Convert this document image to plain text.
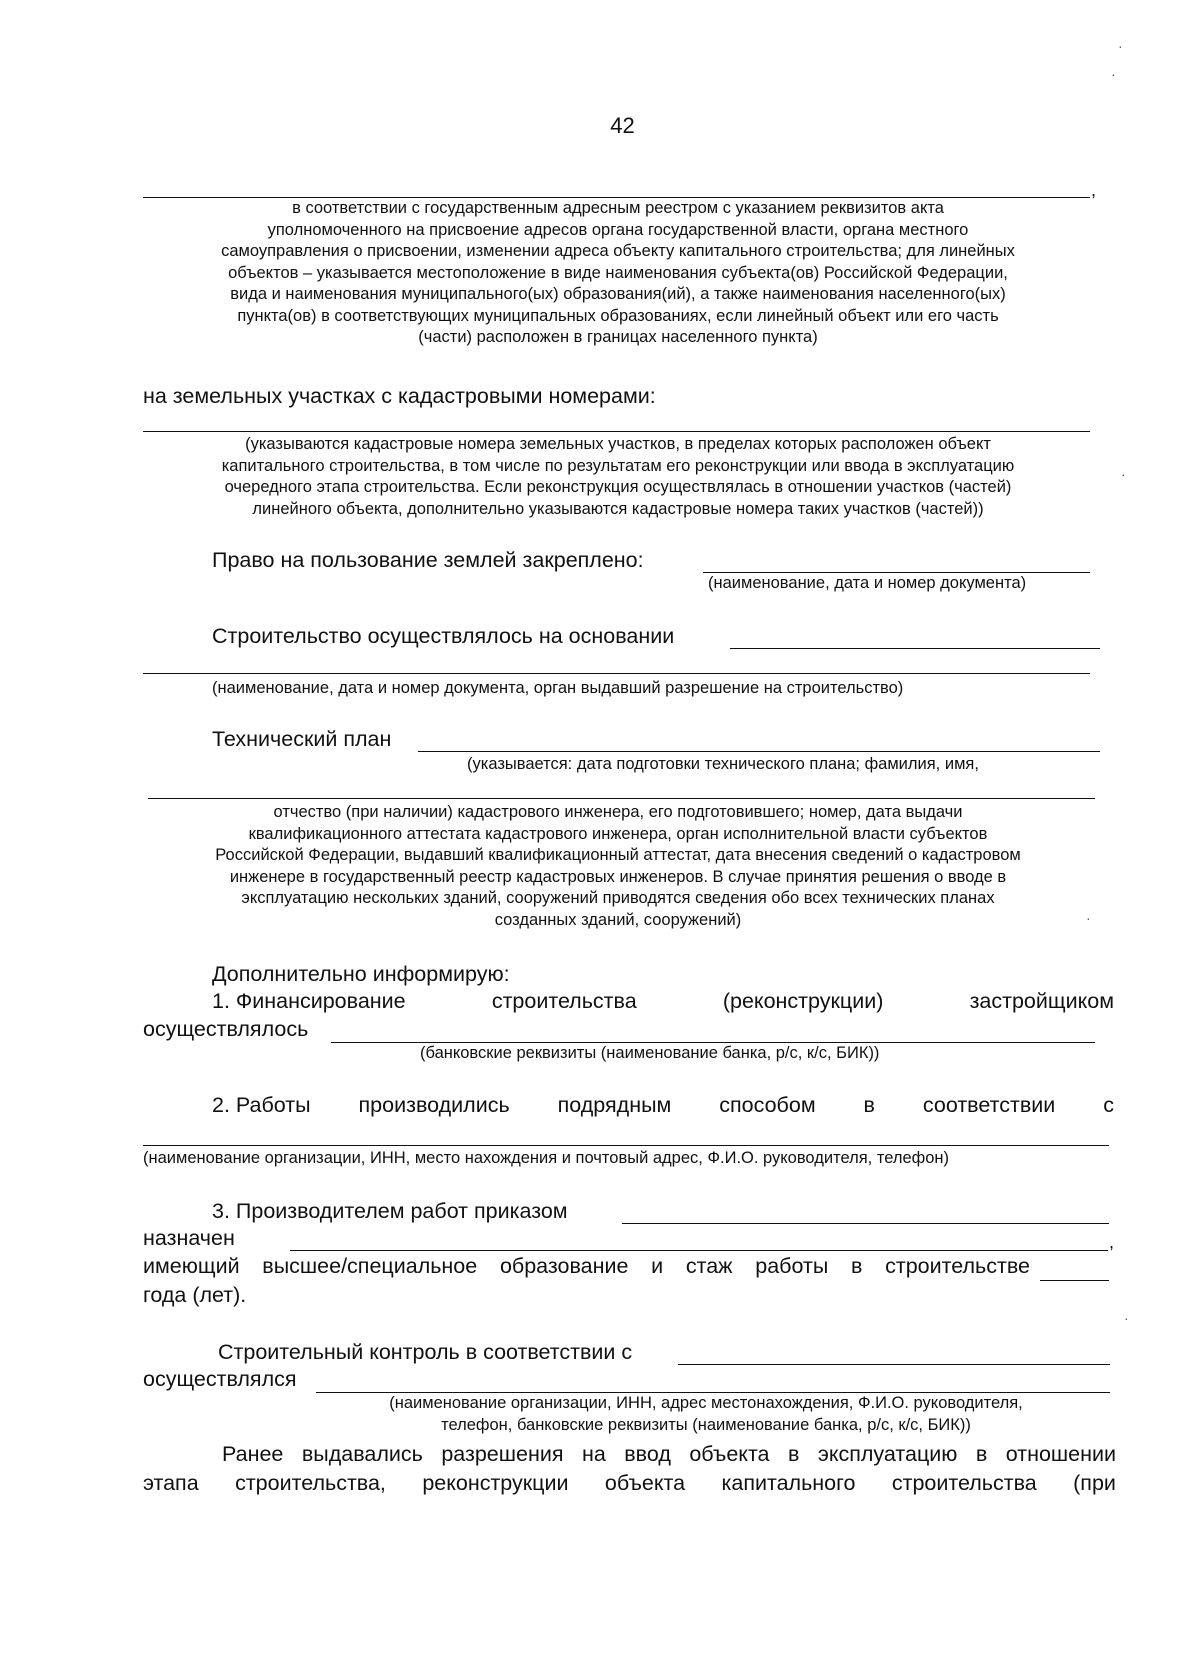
42
,
в соответствии с государственным адресным реестром с указанием реквизитов акта
уполномоченного на присвоение адресов органа государственной власти, органа местного
самоуправления о присвоении, изменении адреса объекту капитального строительства; для линейных
объектов – указывается местоположение в виде наименования субъекта(ов) Российской Федерации,
вида и наименования муниципального(ых) образования(ий), а также наименования населенного(ых)
пункта(ов) в соответствующих муниципальных образованиях, если линейный объект или его часть
(части) расположен в границах населенного пункта)
на земельных участках с кадастровыми номерами:
(указываются кадастровые номера земельных участков, в пределах которых расположен объект
капитального строительства, в том числе по результатам его реконструкции или ввода в эксплуатацию
очередного этапа строительства. Если реконструкция осуществлялась в отношении участков (частей)
линейного объекта, дополнительно указываются кадастровые номера таких участков (частей))
Право на пользование землей закреплено:
(наименование, дата и номер документа)
Строительство осуществлялось на основании
(наименование, дата и номер документа, орган выдавший разрешение на строительство)
Технический план
(указывается: дата подготовки технического плана; фамилия, имя,
отчество (при наличии) кадастрового инженера, его подготовившего; номер, дата выдачи
квалификационного аттестата кадастрового инженера, орган исполнительной власти субъектов
Российской Федерации, выдавший квалификационный аттестат, дата внесения сведений о кадастровом
инженере в государственный реестр кадастровых инженеров. В случае принятия решения о вводе в
эксплуатацию нескольких зданий, сооружений приводятся сведения обо всех технических планах
созданных зданий, сооружений)
Дополнительно информирую:
1. Финансирование	строительства	(реконструкции)	застройщиком
осуществлялось
(банковские реквизиты (наименование банка, р/с, к/с, БИК))
2. Работы производились подрядным способом в соответствии с
(наименование организации, ИНН, место нахождения и почтовый адрес, Ф.И.О. руководителя, телефон)
3. Производителем работ приказом
назначен	,
имеющий высшее/специальное образование и стаж работы в строительстве
года (лет).
Строительный контроль в соответствии с
осуществлялся
(наименование организации, ИНН, адрес местонахождения, Ф.И.О. руководителя,
телефон, банковские реквизиты (наименование банка, р/с, к/с, БИК))
Ранее выдавались разрешения на ввод объекта в эксплуатацию в отношении
этапа строительства, реконструкции объекта капитального строительства (при
·
·
·
·
·
